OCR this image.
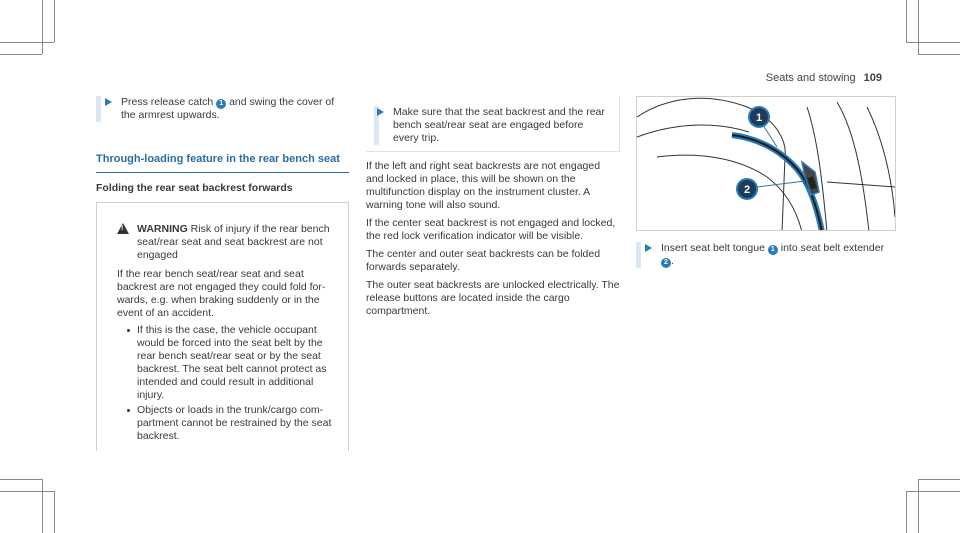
Seats and stowing 109
Press release catch 1 and swing the cover of the armrest upwards.
Through-loading feature in the rear bench seat
Folding the rear seat backrest forwards
!
WARNING Risk of injury if the rear bench seat/rear seat and seat backrest are not engaged
If the rear bench seat/rear seat and seat backrest are not engaged they could fold forwards, e.g. when braking suddenly or in the event of an accident.
If this is the case, the vehicle occupant would be forced into the seat belt by the rear bench seat/rear seat or by the seat backrest. The seat belt cannot protect as intended and could result in additional injury.
Objects or loads in the trunk/cargo compartment cannot be restrained by the seat backrest.
Make sure that the seat backrest and the rear bench seat/rear seat are engaged before every trip.
If the left and right seat backrests are not engaged and locked in place, this will be shown on the multifunction display on the instrument cluster. A warning tone will also sound.
If the center seat backrest is not engaged and locked, the red lock verification indicator will be visible.
The center and outer seat backrests can be folded forwards separately.
The outer seat backrests are unlocked electrically. The release buttons are located inside the cargo compartment.
1
2
Insert seat belt tongue 1 into seat belt extender 2 .
